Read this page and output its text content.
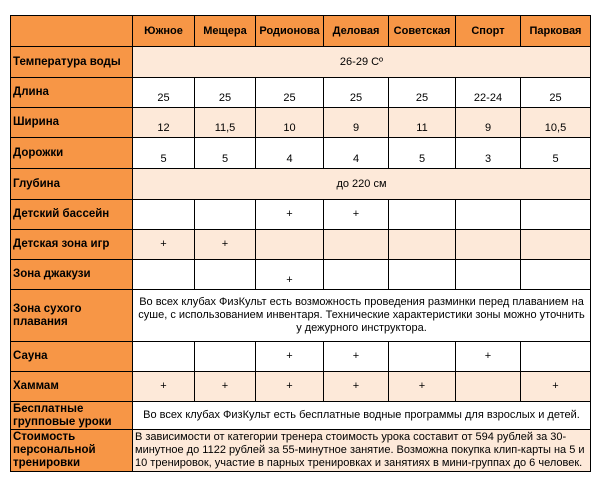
	Южное	Мещера	Родионова	Деловая	Советская	Спорт	Парковая
Температура воды	26-29 Сº						
Длина	25	25	25	25	25	22-24	25
Ширина	12	11,5	10	9	11	9	10,5
Дорожки	5	5	4	4	5	3	5
Глубина	до 220 см						
Детский бассейн			+	+			
Детская зона игр	+	+					
Зона джакузи			+				
Зона сухого плавания	Во всех клубах ФизКульт есть возможность проведения разминки перед плаванием на суше, с использованием инвентаря. Технические характеристики зоны можно уточнить у дежурного инструктора.						
Сауна			+	+		+	
Хаммам	+	+	+	+	+		+
Бесплатные групповые уроки	Во всех клубах ФизКульт есть бесплатные водные программы для взрослых и детей.						
Стоимость персональной тренировки	В зависимости от категории тренера стоимость урока составит от 594 рублей за 30-минутное до 1122 рублей за 55-минутное занятие. Возможна покупка клип-карты на 5 и 10 тренировок, участие в парных тренировках и занятиях в мини-группах до 6 человек.						
